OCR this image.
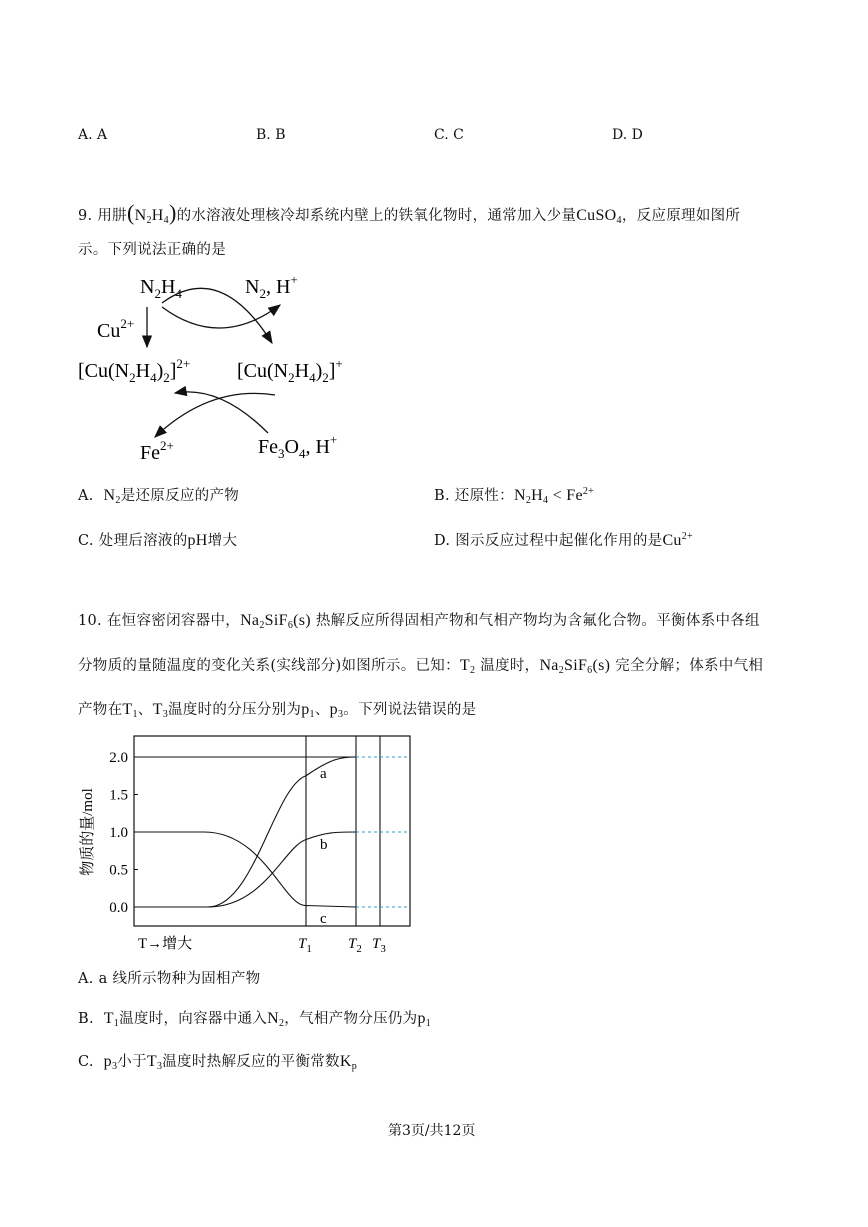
A. A	B. B	C. C	D. D
9. 用肼$(N_2H_4)$的水溶液处理核冷却系统内壁上的铁氧化物时，通常加入少量CuSO$_4$，反应原理如图所
示。下列说法正确的是
$N_2H_4$	$N_2$, H+
$Cu^{2+}$
$[Cu(N_2H_4)_2]^{2+}$ $[Cu(N_2H_4)_2]^+$
$Fe^{2+}$	$Fe_3O_4$, H+
A. $N_2$是还原反应的产物	B. 还原性：$N_2H_4 < Fe^{2+}$
C. 处理后溶液的pH增大	D. 图示反应过程中起催化作用的是$Cu^{2+}$
10. 在恒容密闭容器中，$Na_2SiF_6(s)$ 热解反应所得固相产物和气相产物均为含氟化合物。平衡体系中各组
分物质的量随温度的变化关系(实线部分)如图所示。已知：$T_2$ 温度时，$Na_2SiF_6(s)$ 完全分解；体系中气相
产物在$T_1$、$T_3$温度时的分压分别为$p_1$、$p_3$。下列说法错误的是
2.0
1.5
1.0
0.5
0.0
物质的量/mol
a
b
c
T→增大	$T_1$ $T_2$ $T_3$
A. a 线所示物种为固相产物
B. $T_1$温度时，向容器中通入$N_2$，气相产物分压仍为$p_1$
C. $p_3$小于$T_3$温度时热解反应的平衡常数$K_p$
第3页/共12页
